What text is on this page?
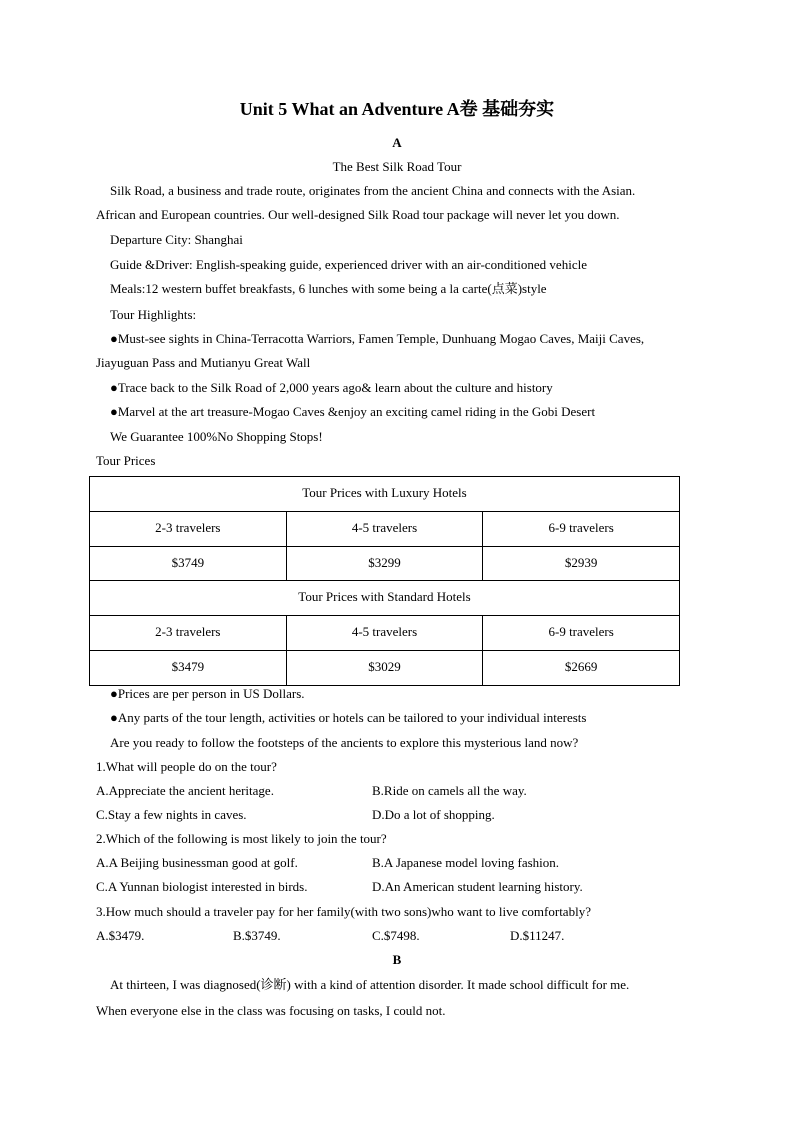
Unit 5 What an Adventure A卷 基础夯实
A
The Best Silk Road Tour
Silk Road, a business and trade route, originates from the ancient China and connects with the Asian.
African and European countries. Our well-designed Silk Road tour package will never let you down.
Departure City: Shanghai
Guide &Driver: English-speaking guide, experienced driver with an air-conditioned vehicle
Meals:12 western buffet breakfasts, 6 lunches with some being a la carte(点菜)style
Tour Highlights:
●Must-see sights in China-Terracotta Warriors, Famen Temple, Dunhuang Mogao Caves, Maiji Caves,
Jiayuguan Pass and Mutianyu Great Wall
●Trace back to the Silk Road of 2,000 years ago& learn about the culture and history
●Marvel at the art treasure-Mogao Caves &enjoy an exciting camel riding in the Gobi Desert
We Guarantee 100%No Shopping Stops!
Tour Prices
Tour Prices with Luxury Hotels		
2-3 travelers	4-5 travelers	6-9 travelers
$3749	$3299	$2939
Tour Prices with Standard Hotels		
2-3 travelers	4-5 travelers	6-9 travelers
$3479	$3029	$2669
●Prices are per person in US Dollars.
●Any parts of the tour length, activities or hotels can be tailored to your individual interests
Are you ready to follow the footsteps of the ancients to explore this mysterious land now?
1.What will people do on the tour?
A.Appreciate the ancient heritage.	B.Ride on camels all the way.
C.Stay a few nights in caves.	D.Do a lot of shopping.
2.Which of the following is most likely to join the tour?
A.A Beijing businessman good at golf.	B.A Japanese model loving fashion.
C.A Yunnan biologist interested in birds.	D.An American student learning history.
3.How much should a traveler pay for her family(with two sons)who want to live comfortably?
A.$3479.	B.$3749.	C.$7498.	D.$11247.
B
At thirteen, I was diagnosed(诊断) with a kind of attention disorder. It made school difficult for me.
When everyone else in the class was focusing on tasks, I could not.
